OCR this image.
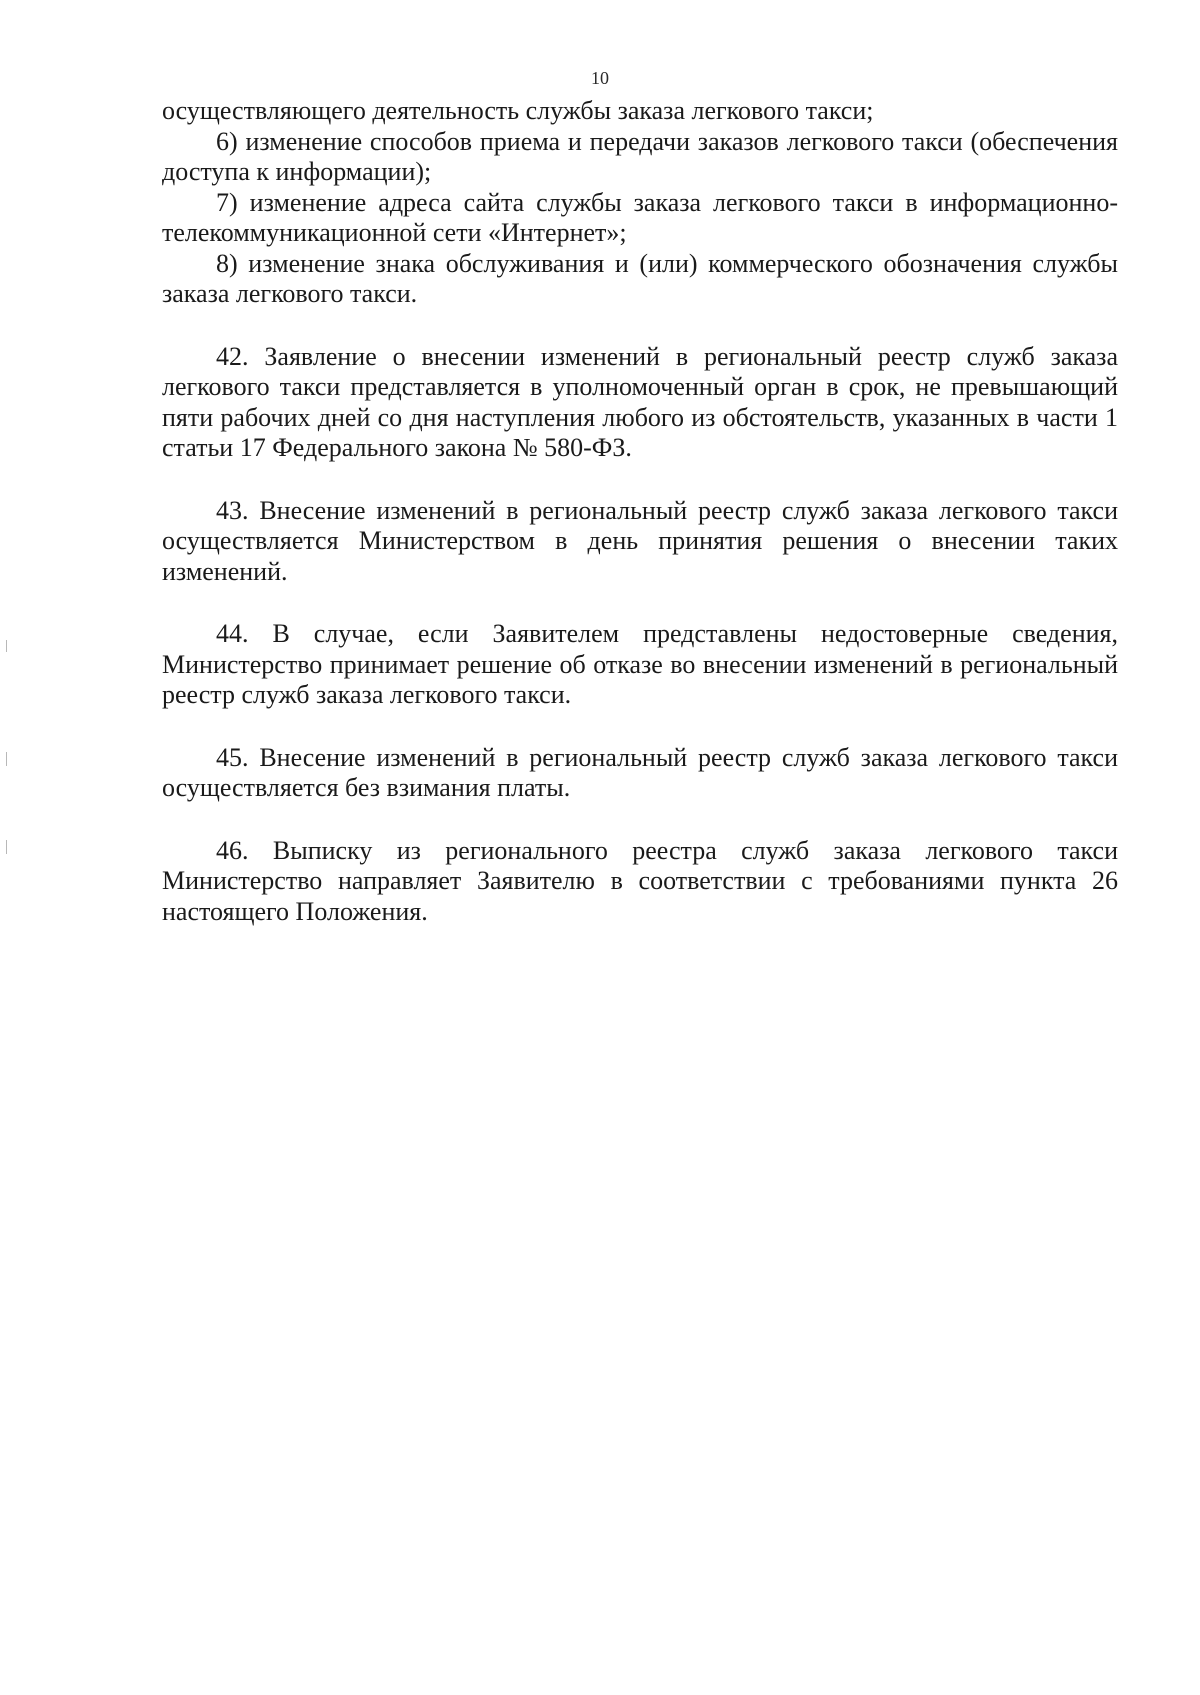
10

осуществляющего деятельность службы заказа легкового такси;

6) изменение способов приема и передачи заказов легкового такси (обеспечения доступа к информации);

7) изменение адреса сайта службы заказа легкового такси в информационно-телекоммуникационной сети «Интернет»;

8) изменение знака обслуживания и (или) коммерческого обозначения службы заказа легкового такси.

42. Заявление о внесении изменений в региональный реестр служб заказа легкового такси представляется в уполномоченный орган в срок, не превышающий пяти рабочих дней со дня наступления любого из обстоятельств, указанных в части 1 статьи 17 Федерального закона № 580-ФЗ.

43. Внесение изменений в региональный реестр служб заказа легкового такси осуществляется Министерством в день принятия решения о внесении таких изменений.

44. В случае, если Заявителем представлены недостоверные сведения, Министерство принимает решение об отказе во внесении изменений в региональный реестр служб заказа легкового такси.

45. Внесение изменений в региональный реестр служб заказа легкового такси осуществляется без взимания платы.

46. Выписку из регионального реестра служб заказа легкового такси Министерство направляет Заявителю в соответствии с требованиями пункта 26 настоящего Положения.
